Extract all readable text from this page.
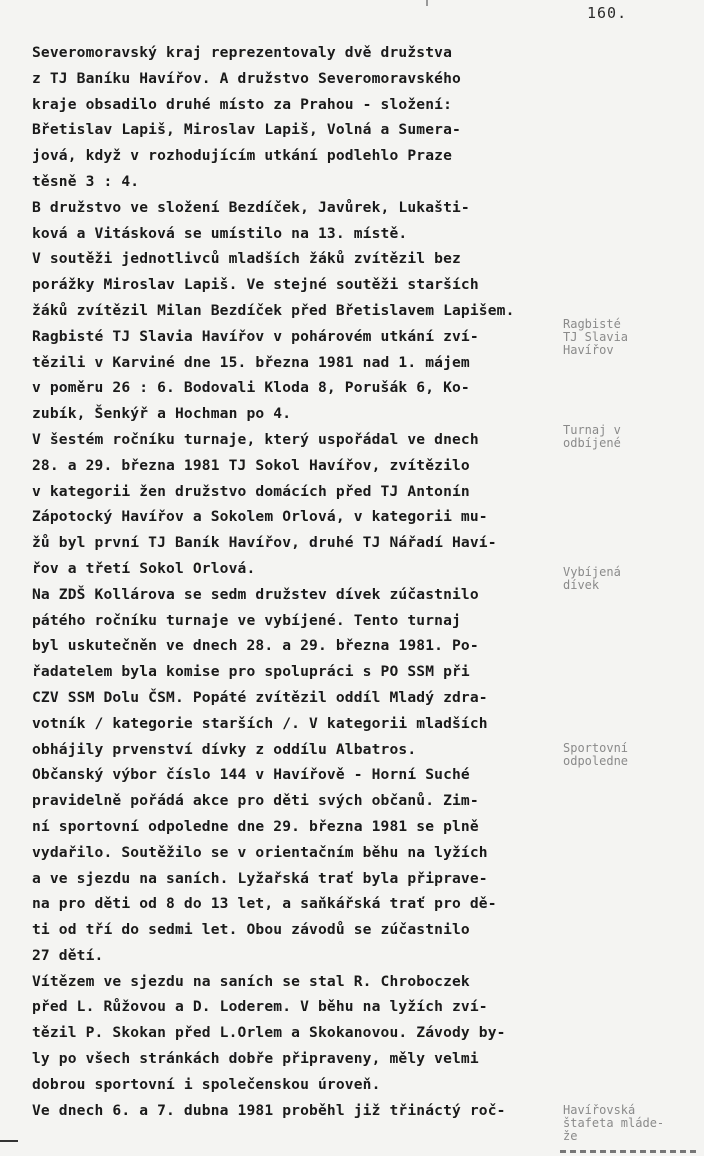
160.
Severomoravský kraj reprezentovaly dvě družstva
z TJ Baníku Havířov. A družstvo Severomoravského
kraje obsadilo druhé místo za Prahou - složení:
Břetislav Lapiš, Miroslav Lapiš, Volná a Sumera-
jová, když v rozhodujícím utkání podlehlo Praze
těsně 3 : 4.
B družstvo ve složení Bezdíček, Javůrek, Lukašti-
ková a Vitásková se umístilo na 13. místě.
V soutěži jednotlivců mladších žáků zvítězil bez
porážky Miroslav Lapiš. Ve stejné soutěži starších
žáků zvítězil Milan Bezdíček před Břetislavem Lapišem.
Ragbisté TJ Slavia Havířov v pohárovém utkání zví-
tězili v Karviné dne 15. března 1981 nad 1. májem
v poměru 26 : 6. Bodovali Kloda 8, Porušák 6, Ko-
zubík, Šenkýř a Hochman po 4.
V šestém ročníku turnaje, který uspořádal ve dnech
28. a 29. března 1981 TJ Sokol Havířov, zvítězilo
v kategorii žen družstvo domácích před TJ Antonín
Zápotocký Havířov a Sokolem Orlová, v kategorii mu-
žů byl první TJ Baník Havířov, druhé TJ Nářadí Haví-
řov a třetí Sokol Orlová.
Na ZDŠ Kollárova se sedm družstev dívek zúčastnilo
pátého ročníku turnaje ve vybíjené. Tento turnaj
byl uskutečněn ve dnech 28. a 29. března 1981. Po-
řadatelem byla komise pro spolupráci s PO SSM při
CZV SSM Dolu ČSM. Popáté zvítězil oddíl Mladý zdra-
votník / kategorie starších /. V kategorii mladších
obhájily prvenství dívky z oddílu Albatros.
Občanský výbor číslo 144 v Havířově - Horní Suché
pravidelně pořádá akce pro děti svých občanů. Zim-
ní sportovní odpoledne dne 29. března 1981 se plně
vydařilo. Soutěžilo se v orientačním běhu na lyžích
a ve sjezdu na saních. Lyžařská trať byla připrave-
na pro děti od 8 do 13 let, a saňkářská trať pro dě-
ti od tří do sedmi let. Obou závodů se zúčastnilo
27 dětí.
Vítězem ve sjezdu na saních se stal R. Chroboczek
před L. Růžovou a D. Loderem. V běhu na lyžích zví-
tězil P. Skokan před L.Orlem a Skokanovou. Závody by-
ly po všech stránkách dobře připraveny, měly velmi
dobrou sportovní i společenskou úroveň.
Ve dnech 6. a 7. dubna 1981 proběhl již třináctý roč-
Ragbisté
TJ Slavia
Havířov
Turnaj v
odbíjené
Vybíjená
dívek
Sportovní
odpoledne
Havířovská
štafeta mláde-
že
